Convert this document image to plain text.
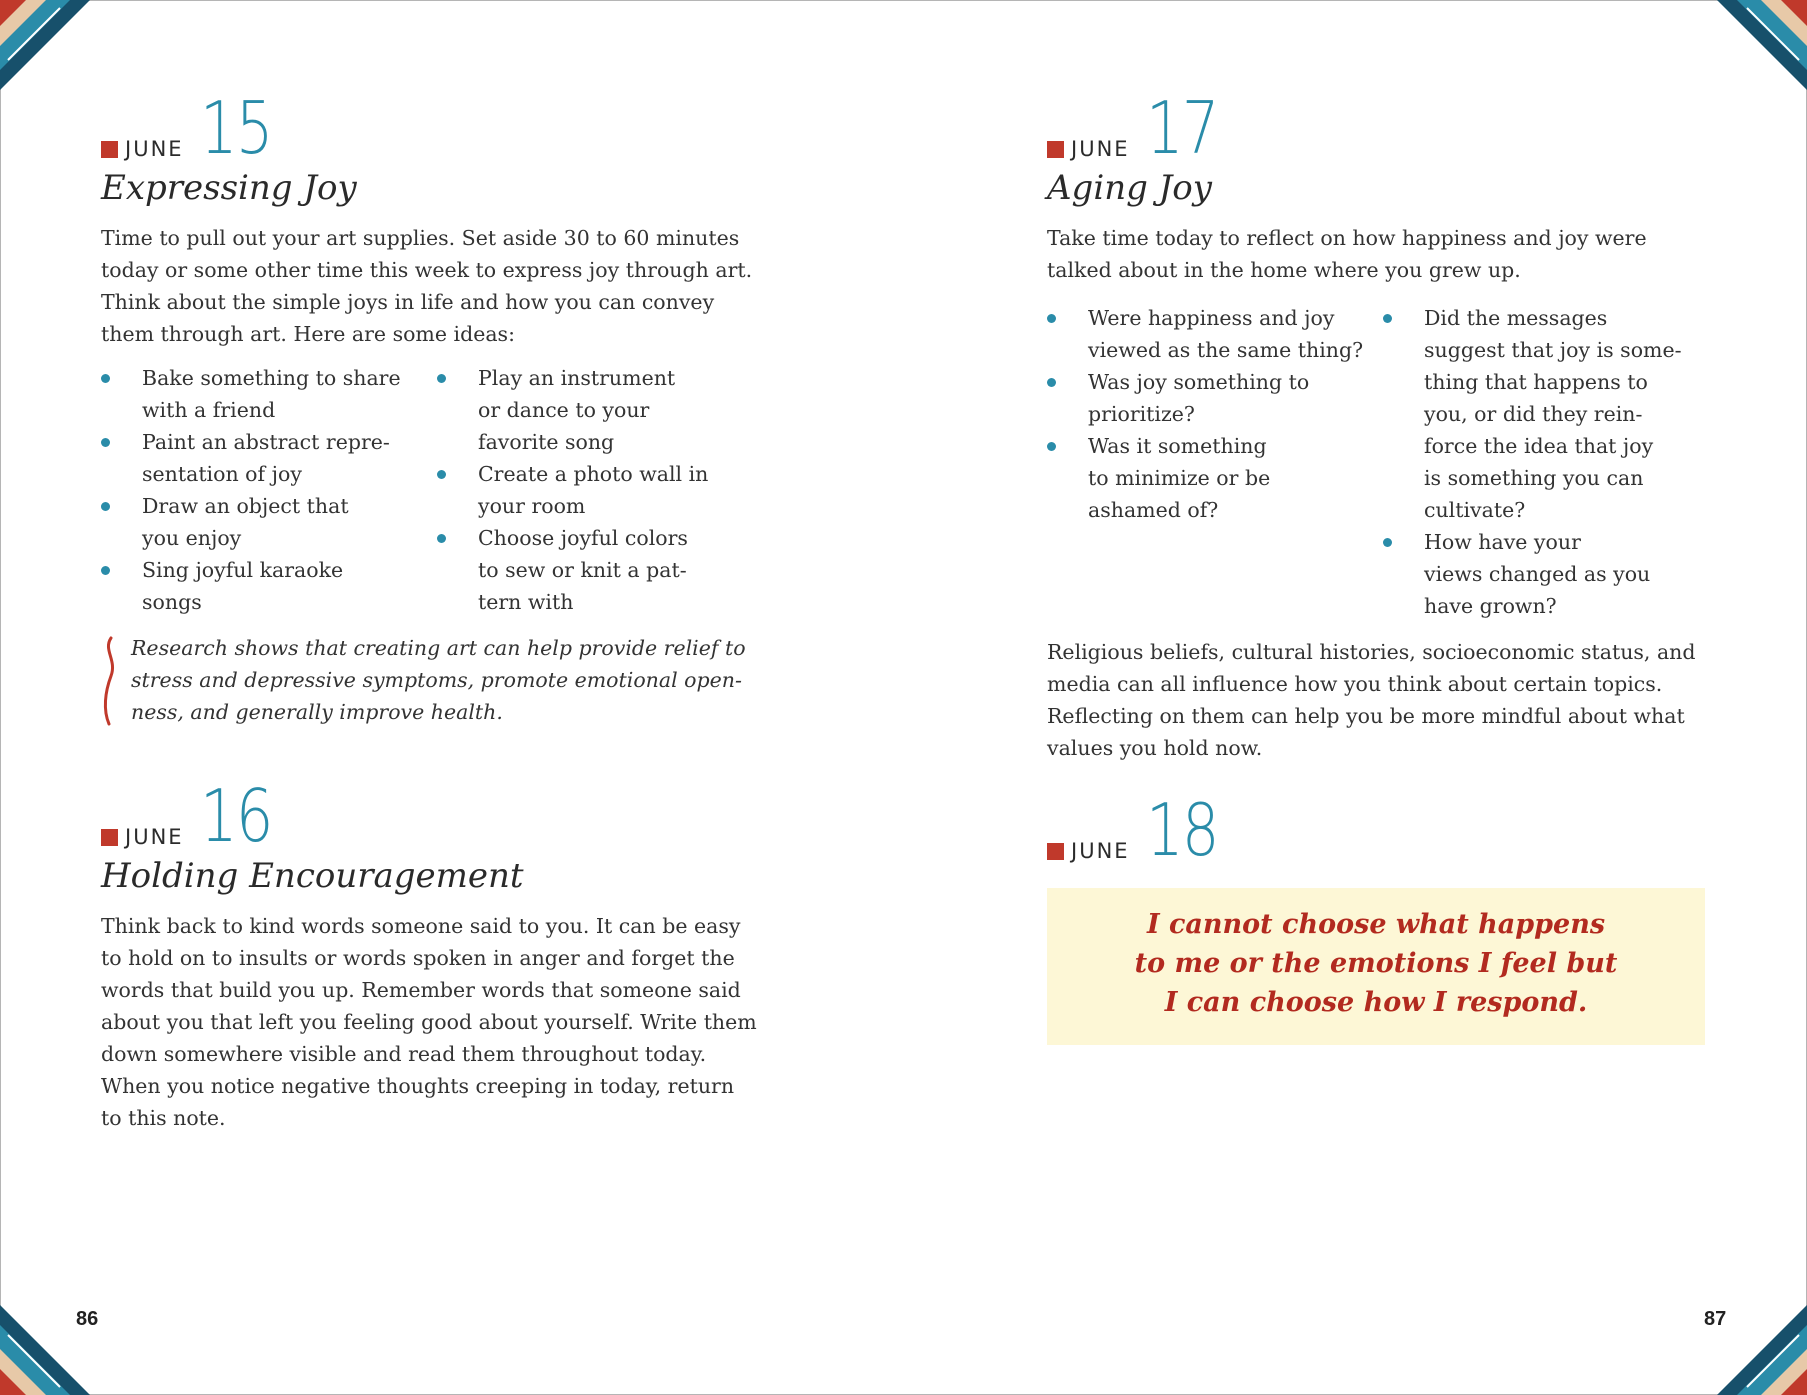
JUNE 15
Expressing Joy
Time to pull out your art supplies. Set aside 30 to 60 minutes
today or some other time this week to express joy through art.
Think about the simple joys in life and how you can convey
them through art. Here are some ideas:
Bake something to share
with a friend
Paint an abstract repre-
sentation of joy
Draw an object that
you enjoy
Sing joyful karaoke
songs
Play an instrument
or dance to your
favorite song
Create a photo wall in
your room
Choose joyful colors
to sew or knit a pat-
tern with
Research shows that creating art can help provide relief to
stress and depressive symptoms, promote emotional open-
ness, and generally improve health.
JUNE 16
Holding Encouragement
Think back to kind words someone said to you. It can be easy
to hold on to insults or words spoken in anger and forget the
words that build you up. Remember words that someone said
about you that left you feeling good about yourself. Write them
down somewhere visible and read them throughout today.
When you notice negative thoughts creeping in today, return
to this note.
86
JUNE 17
Aging Joy
Take time today to reflect on how happiness and joy were
talked about in the home where you grew up.
Were happiness and joy
viewed as the same thing?
Was joy something to
prioritize?
Was it something
to minimize or be
ashamed of?
Did the messages
suggest that joy is some-
thing that happens to
you, or did they rein-
force the idea that joy
is something you can
cultivate?
How have your
views changed as you
have grown?
Religious beliefs, cultural histories, socioeconomic status, and
media can all influence how you think about certain topics.
Reflecting on them can help you be more mindful about what
values you hold now.
JUNE 18
I cannot choose what happens
to me or the emotions I feel but
I can choose how I respond.
87
